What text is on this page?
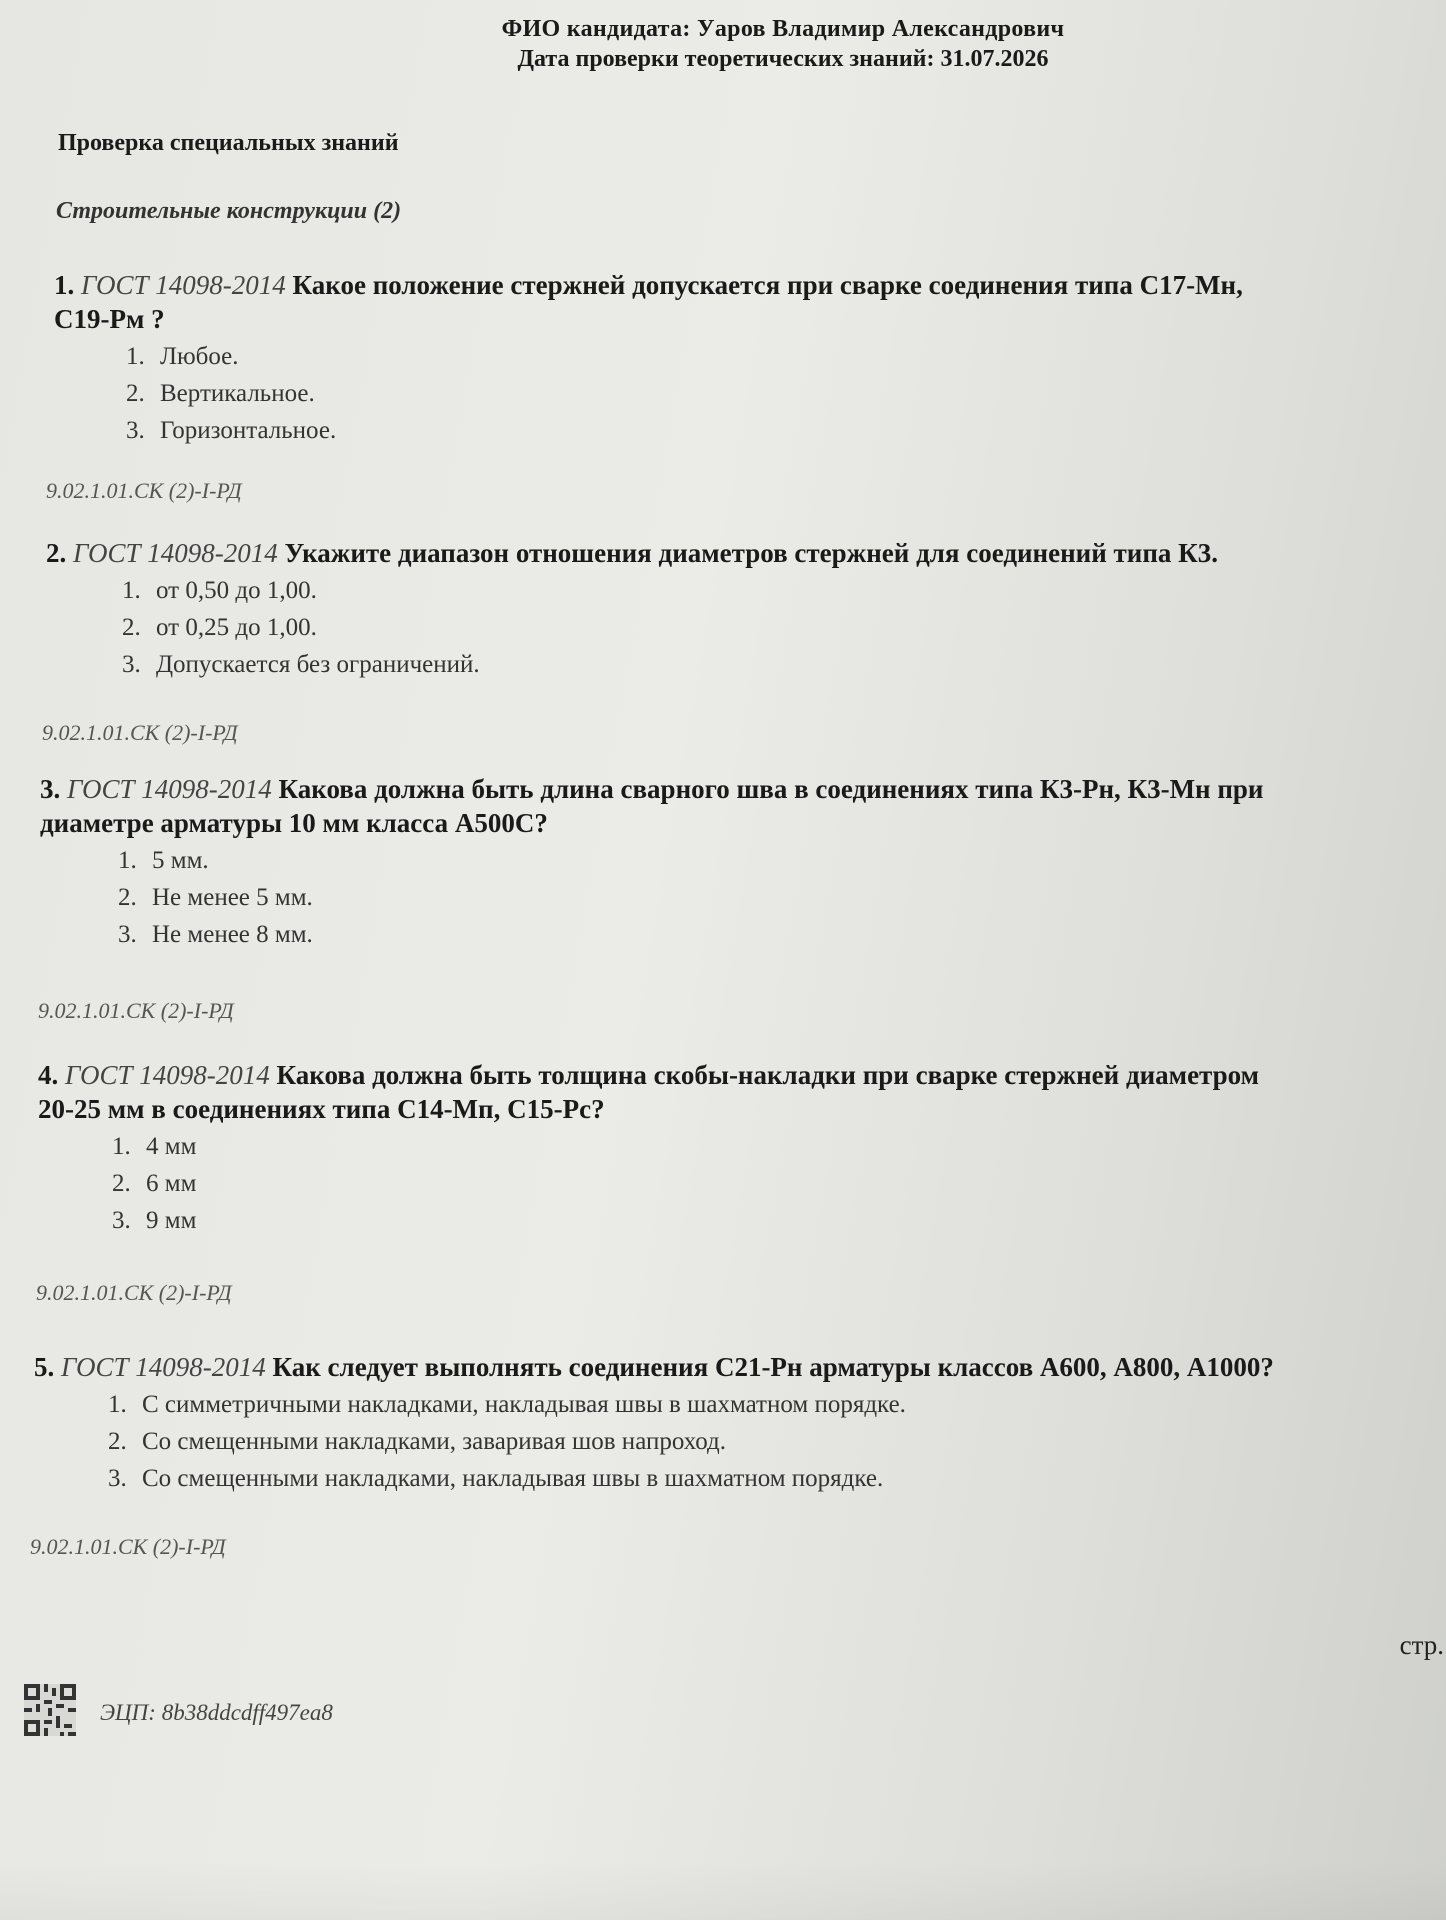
ФИО кандидата: Уаров Владимир Александрович
Дата проверки теоретических знаний: 31.07.2026
Проверка специальных знаний
Строительные конструкции (2)
1. ГОСТ 14098-2014 Какое положение стержней допускается при сварке соединения типа С17-Мн,
С19-Рм ?
1. Любое.
2. Вертикальное.
3. Горизонтальное.
9.02.1.01.СК (2)-I-РД
2. ГОСТ 14098-2014 Укажите диапазон отношения диаметров стержней для соединений типа К3.
1. от 0,50 до 1,00.
2. от 0,25 до 1,00.
3. Допускается без ограничений.
9.02.1.01.СК (2)-I-РД
3. ГОСТ 14098-2014 Какова должна быть длина сварного шва в соединениях типа К3-Рн, К3-Мн при
диаметре арматуры 10 мм класса А500С?
1. 5 мм.
2. Не менее 5 мм.
3. Не менее 8 мм.
9.02.1.01.СК (2)-I-РД
4. ГОСТ 14098-2014 Какова должна быть толщина скобы-накладки при сварке стержней диаметром
20-25 мм в соединениях типа С14-Мп, С15-Рс?
1. 4 мм
2. 6 мм
3. 9 мм
9.02.1.01.СК (2)-I-РД
5. ГОСТ 14098-2014 Как следует выполнять соединения С21-Рн арматуры классов А600, А800, А1000?
1. С симметричными накладками, накладывая швы в шахматном порядке.
2. Со смещенными накладками, заваривая шов напроход.
3. Со смещенными накладками, накладывая швы в шахматном порядке.
9.02.1.01.СК (2)-I-РД
стр.
ЭЦП: 8b38ddcdff497ea8
